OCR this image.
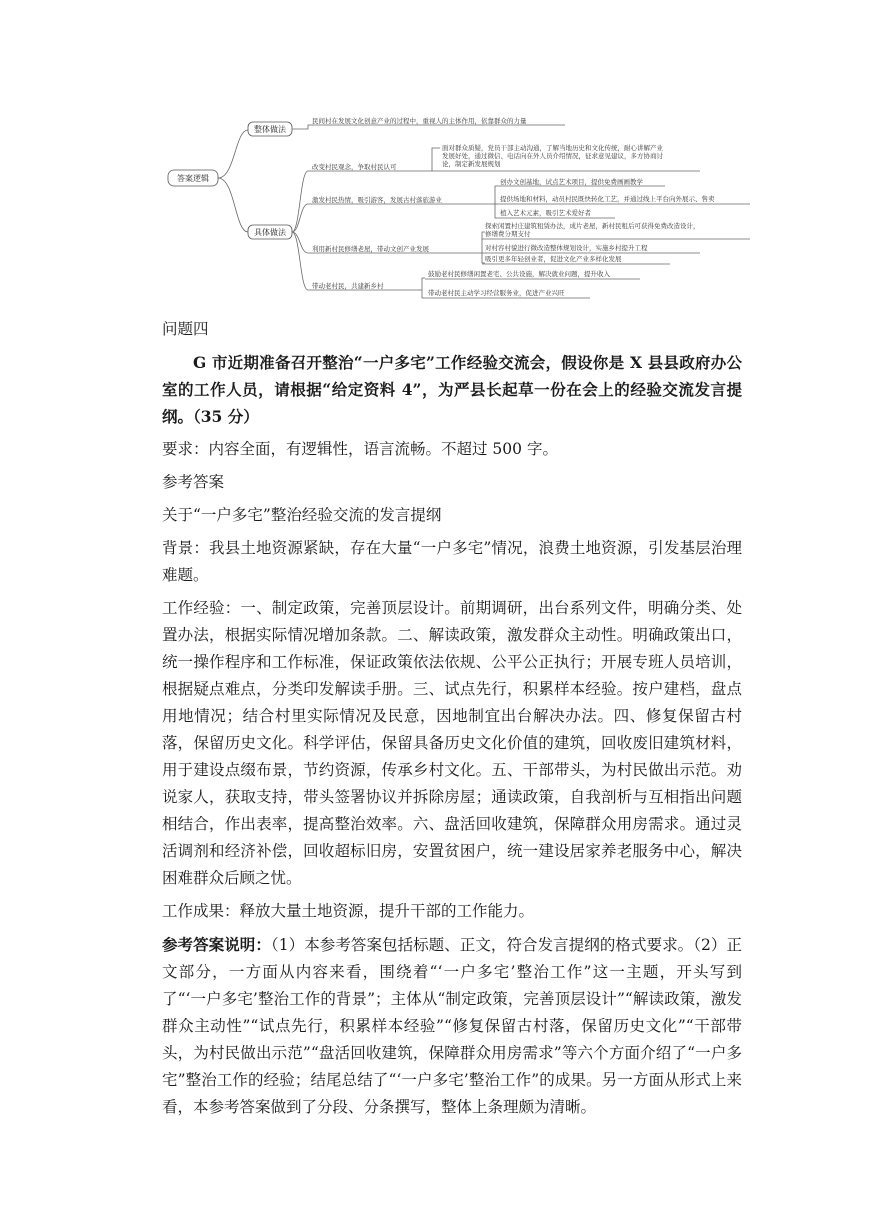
答案逻辑
整体做法
民间村在发展文化创意产业的过程中，重视人的主体作用，依靠群众的力量
具体做法
改变村民观念，争取村民认可
面对群众质疑，党员干部主动沟通，了解当地历史和文化传统，耐心讲解产业
发展好处，通过微信、电话向在外人员介绍情况，征求意见建议，多方协商讨
论，制定新发展规划
激发村民热情，吸引游客，发展古村落旅游业
创办文创基地，试点艺术项目，提供免费画画教学
提供场地和材料，动员村民既快转化工艺，并通过线上平台向外展示、售卖
植入艺术元素，吸引艺术爱好者
利用新村民修缮老屋，带动文创产业发展
探索闲置村庄建筑租赁办法，成片老屋，新村民租后可获得免费改造设计，
修缮费分期支付
对村容村貌进行微改造整体规划设计，实施乡村提升工程
吸引更多年轻创业者，促进文化产业多样化发展
带动老村民，共建新乡村
鼓励老村民修缮闲置老宅、公共设施，解决就业问题，提升收入
带动老村民主动学习经营服务业，促进产业兴旺

问题四

G 市近期准备召开整治“一户多宅”工作经验交流会，假设你是 X 县县政府办公室的工作人员，请根据“给定资料 4”，为严县长起草一份在会上的经验交流发言提纲。（35 分）

要求：内容全面，有逻辑性，语言流畅。不超过 500 字。

参考答案

关于“一户多宅”整治经验交流的发言提纲

背景：我县土地资源紧缺，存在大量“一户多宅”情况，浪费土地资源，引发基层治理难题。

工作经验：一、制定政策，完善顶层设计。前期调研，出台系列文件，明确分类、处置办法，根据实际情况增加条款。二、解读政策，激发群众主动性。明确政策出口，统一操作程序和工作标准，保证政策依法依规、公平公正执行；开展专班人员培训，根据疑点难点，分类印发解读手册。三、试点先行，积累样本经验。按户建档，盘点用地情况；结合村里实际情况及民意，因地制宜出台解决办法。四、修复保留古村落，保留历史文化。科学评估，保留具备历史文化价值的建筑，回收废旧建筑材料，用于建设点缀布景，节约资源，传承乡村文化。五、干部带头，为村民做出示范。劝说家人，获取支持，带头签署协议并拆除房屋；通读政策，自我剖析与互相指出问题相结合，作出表率，提高整治效率。六、盘活回收建筑，保障群众用房需求。通过灵活调剂和经济补偿，回收超标旧房，安置贫困户，统一建设居家养老服务中心，解决困难群众后顾之忧。

工作成果：释放大量土地资源，提升干部的工作能力。

参考答案说明：（1）本参考答案包括标题、正文，符合发言提纲的格式要求。（2）正文部分，一方面从内容来看，围绕着“‘一户多宅’整治工作”这一主题，开头写到了“‘一户多宅’整治工作的背景”；主体从“制定政策，完善顶层设计”“解读政策，激发群众主动性”“试点先行，积累样本经验”“修复保留古村落，保留历史文化”“干部带头，为村民做出示范”“盘活回收建筑，保障群众用房需求”等六个方面介绍了“一户多宅”整治工作的经验；结尾总结了“‘一户多宅’整治工作”的成果。另一方面从形式上来看，本参考答案做到了分段、分条撰写，整体上条理颇为清晰。
